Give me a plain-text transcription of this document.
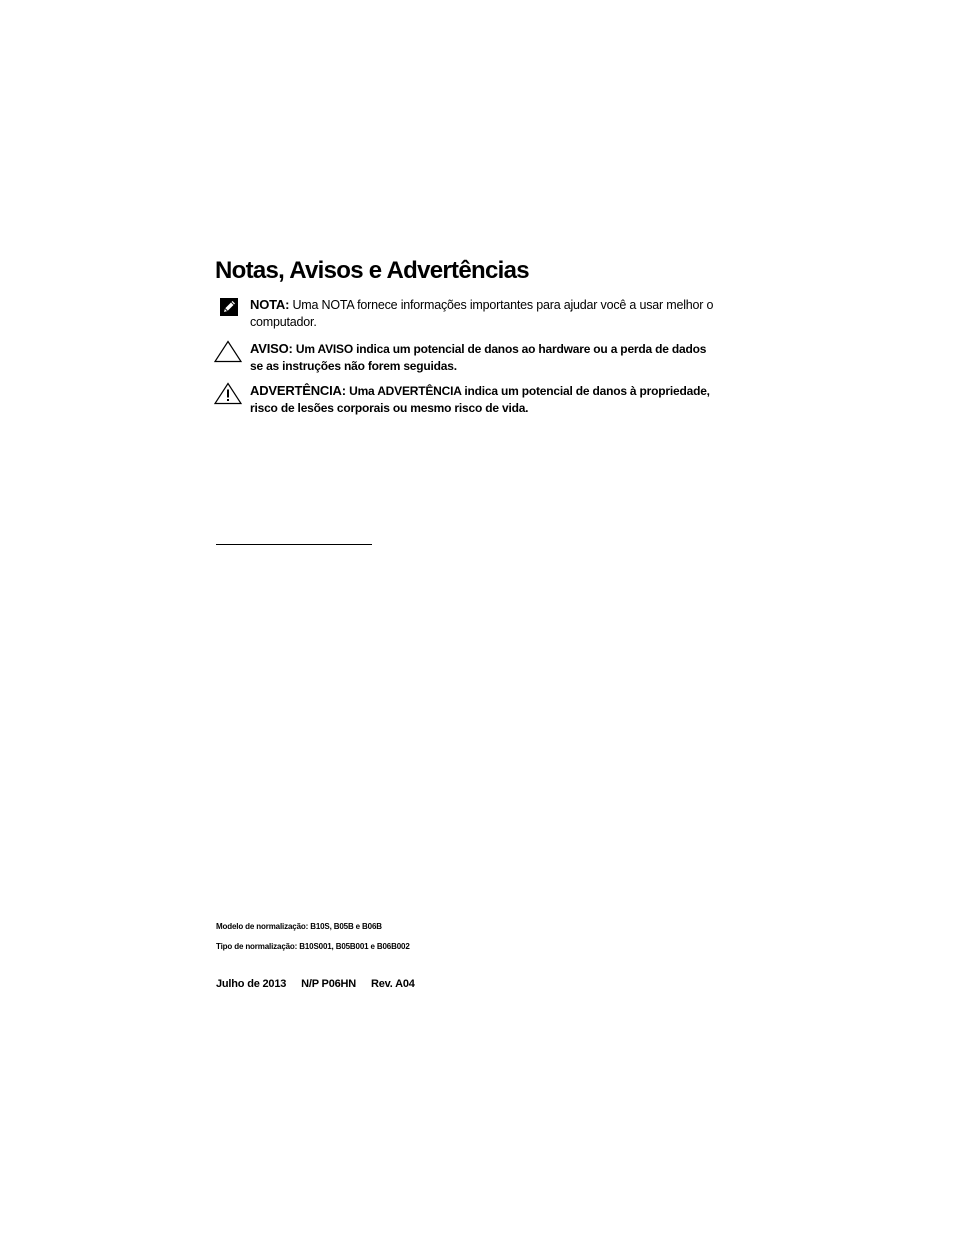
Notas, Avisos e Advertências
NOTA: Uma NOTA fornece informações importantes para ajudar você a usar melhor o computador.
AVISO: Um AVISO indica um potencial de danos ao hardware ou a perda de dados se as instruções não forem seguidas.
ADVERTÊNCIA: Uma ADVERTÊNCIA indica um potencial de danos à propriedade, risco de lesões corporais ou mesmo risco de vida.
Modelo de normalização: B10S, B05B e B06B
Tipo de normalização: B10S001, B05B001 e B06B002
Julho de 2013 N/P P06HN Rev. A04
